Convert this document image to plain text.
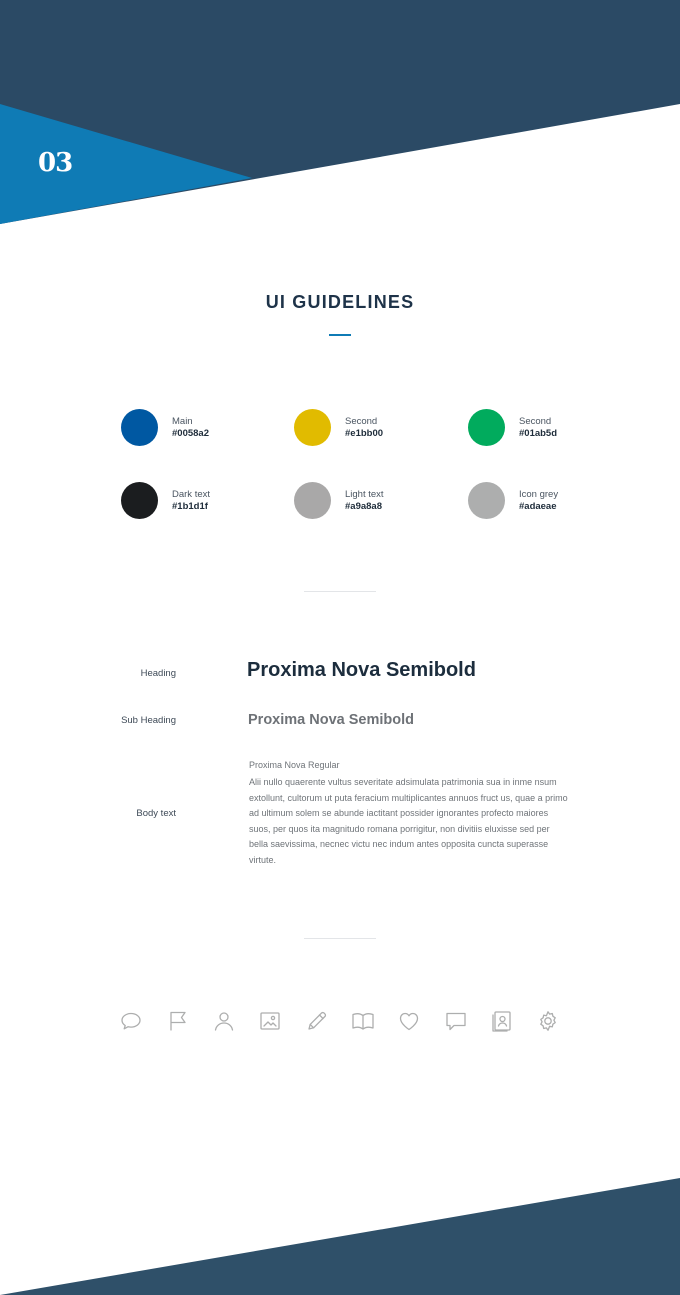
03
UI GUIDELINES
Main
#0058a2
Second
#e1bb00
Second
#01ab5d
Dark text
#1b1d1f
Light text
#a9a8a8
Icon grey
#adaeae
Heading	Proxima Nova Semibold
Sub Heading	Proxima Nova Semibold
Body text
Proxima Nova Regular
Alii nullo quaerente vultus severitate adsimulata patrimonia sua in inme nsum extollunt, cultorum ut puta feracium multiplicantes annuos fruct us, quae a primo ad ultimum solem se abunde iactitant possider ignorantes profecto maiores suos, per quos ita magnitudo romana porrigitur, non divitiis eluxisse sed per bella saevissima, necnec victu nec indum antes opposita cuncta superasse virtute.
